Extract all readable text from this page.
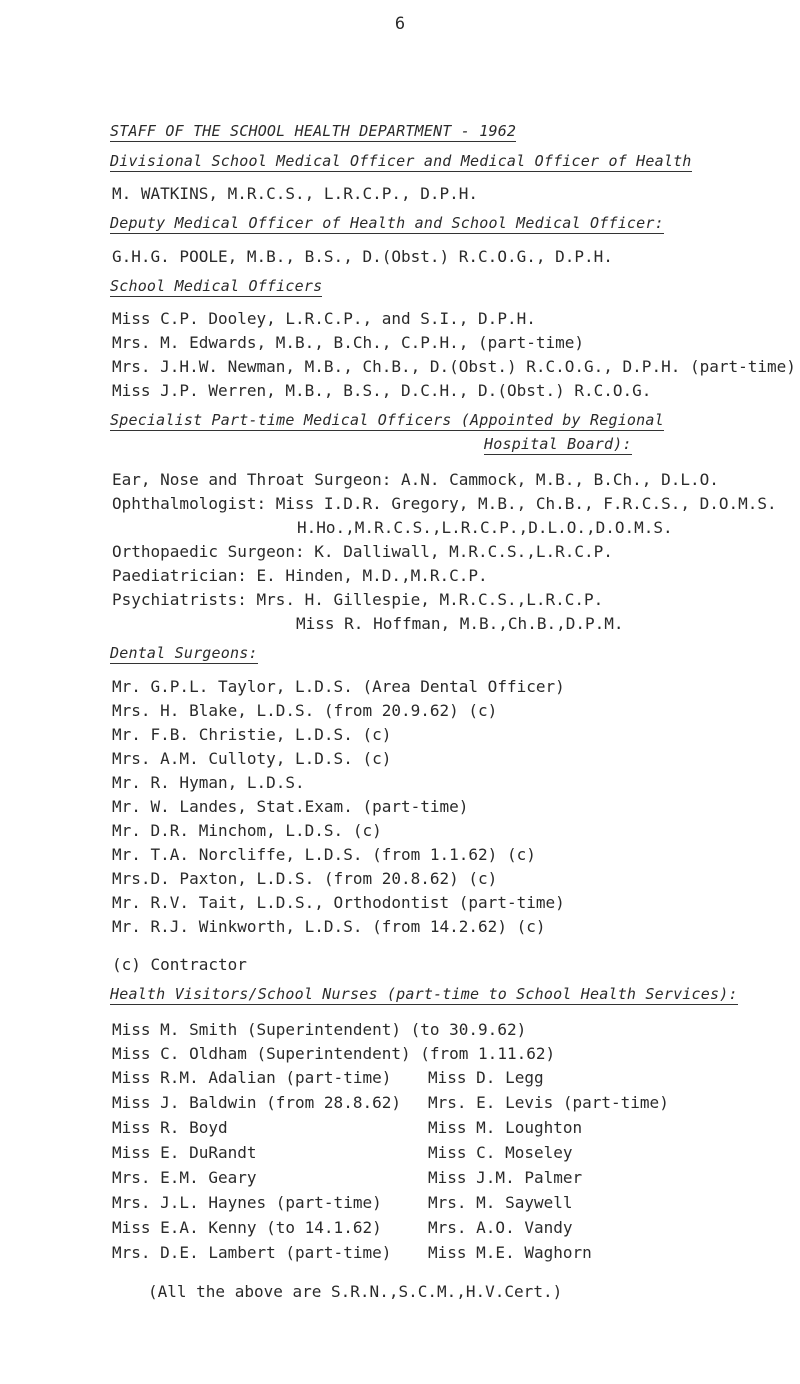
6
STAFF OF THE SCHOOL HEALTH DEPARTMENT - 1962
Divisional School Medical Officer and Medical Officer of Health
M. WATKINS, M.R.C.S., L.R.C.P., D.P.H.
Deputy Medical Officer of Health and School Medical Officer:
G.H.G. POOLE, M.B., B.S., D.(Obst.) R.C.O.G., D.P.H.
School Medical Officers
Miss C.P. Dooley, L.R.C.P., and S.I., D.P.H.
Mrs. M. Edwards, M.B., B.Ch., C.P.H., (part-time)
Mrs. J.H.W. Newman, M.B., Ch.B., D.(Obst.) R.C.O.G., D.P.H. (part-time)
Miss J.P. Werren, M.B., B.S., D.C.H., D.(Obst.) R.C.O.G.
Specialist Part-time Medical Officers (Appointed by Regional
Hospital Board):
Ear, Nose and Throat Surgeon: A.N. Cammock, M.B., B.Ch., D.L.O.
Ophthalmologist: Miss I.D.R. Gregory, M.B., Ch.B., F.R.C.S., D.O.M.S.
H.Ho.,M.R.C.S.,L.R.C.P.,D.L.O.,D.O.M.S.
Orthopaedic Surgeon: K. Dalliwall, M.R.C.S.,L.R.C.P.
Paediatrician: E. Hinden, M.D.,M.R.C.P.
Psychiatrists: Mrs. H. Gillespie, M.R.C.S.,L.R.C.P.
Miss R. Hoffman, M.B.,Ch.B.,D.P.M.
Dental Surgeons:
Mr. G.P.L. Taylor, L.D.S. (Area Dental Officer)
Mrs. H. Blake, L.D.S. (from 20.9.62) (c)
Mr. F.B. Christie, L.D.S. (c)
Mrs. A.M. Culloty, L.D.S. (c)
Mr. R. Hyman, L.D.S.
Mr. W. Landes, Stat.Exam. (part-time)
Mr. D.R. Minchom, L.D.S. (c)
Mr. T.A. Norcliffe, L.D.S. (from 1.1.62) (c)
Mrs.D. Paxton, L.D.S. (from 20.8.62) (c)
Mr. R.V. Tait, L.D.S., Orthodontist (part-time)
Mr. R.J. Winkworth, L.D.S. (from 14.2.62) (c)
(c) Contractor
Health Visitors/School Nurses (part-time to School Health Services):
Miss M. Smith (Superintendent) (to 30.9.62)
Miss C. Oldham (Superintendent) (from 1.11.62)
Miss R.M. Adalian (part-time)
Miss J. Baldwin (from 28.8.62)
Miss R. Boyd
Miss E. DuRandt
Mrs. E.M. Geary
Mrs. J.L. Haynes (part-time)
Miss E.A. Kenny (to 14.1.62)
Mrs. D.E. Lambert (part-time)
Miss D. Legg
Mrs. E. Levis (part-time)
Miss M. Loughton
Miss C. Moseley
Miss J.M. Palmer
Mrs. M. Saywell
Mrs. A.O. Vandy
Miss M.E. Waghorn
(All the above are S.R.N.,S.C.M.,H.V.Cert.)
